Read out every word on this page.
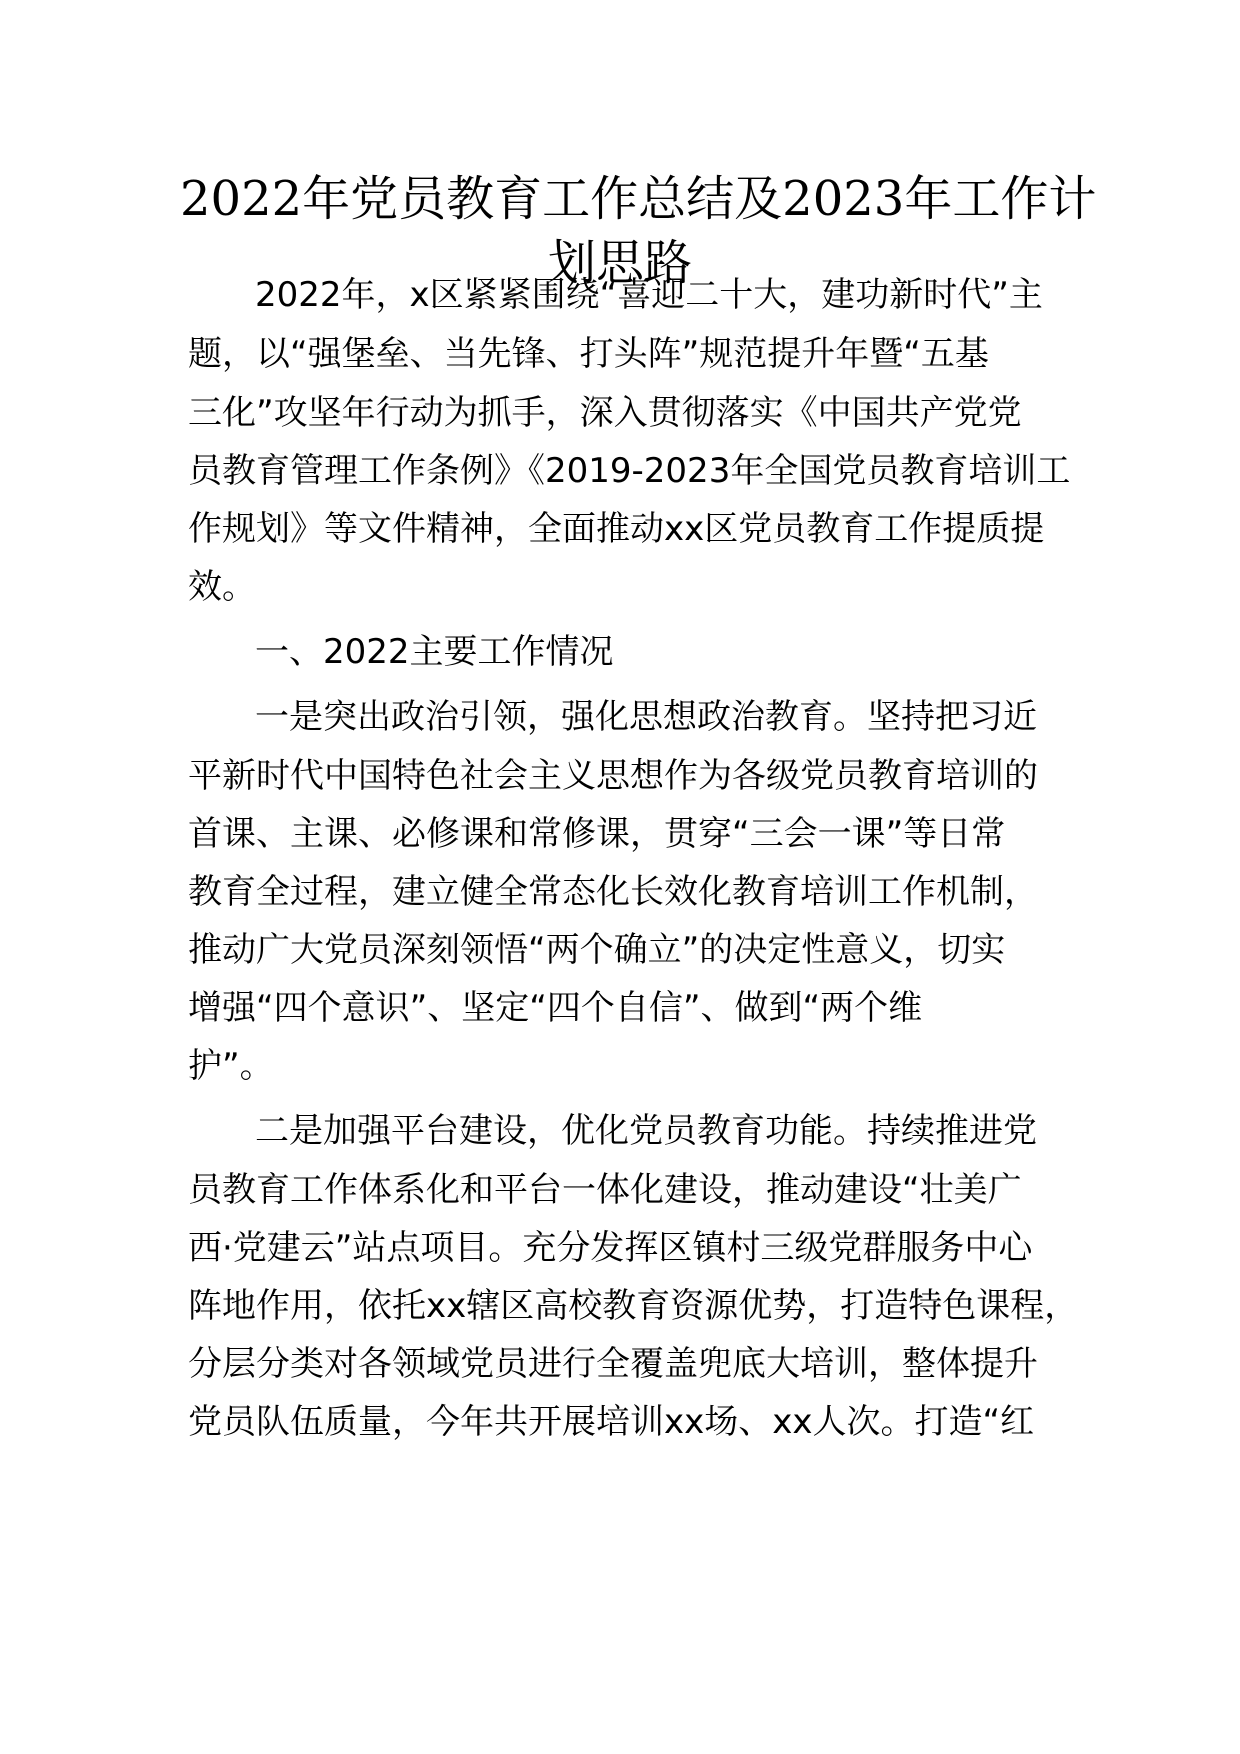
2022年党员教育工作总结及2023年工作计
划思路

2022年，x区紧紧围绕“喜迎二十大，建功新时代”主

题，以“强堡垒、当先锋、打头阵”规范提升年暨“五基

三化”攻坚年行动为抓手，深入贯彻落实《中国共产党党

员教育管理工作条例》《2019-2023年全国党员教育培训工

作规划》等文件精神，全面推动xx区党员教育工作提质提

效。

一、2022主要工作情况

一是突出政治引领，强化思想政治教育。坚持把习近

平新时代中国特色社会主义思想作为各级党员教育培训的

首课、主课、必修课和常修课，贯穿“三会一课”等日常

教育全过程，建立健全常态化长效化教育培训工作机制，

推动广大党员深刻领悟“两个确立”的决定性意义，切实

增强“四个意识”、坚定“四个自信”、做到“两个维

护”。

二是加强平台建设，优化党员教育功能。持续推进党

员教育工作体系化和平台一体化建设，推动建设“壮美广

西·党建云”站点项目。充分发挥区镇村三级党群服务中心

阵地作用，依托xx辖区高校教育资源优势，打造特色课程，

分层分类对各领域党员进行全覆盖兜底大培训，整体提升

党员队伍质量，今年共开展培训xx场、xx人次。打造“红
